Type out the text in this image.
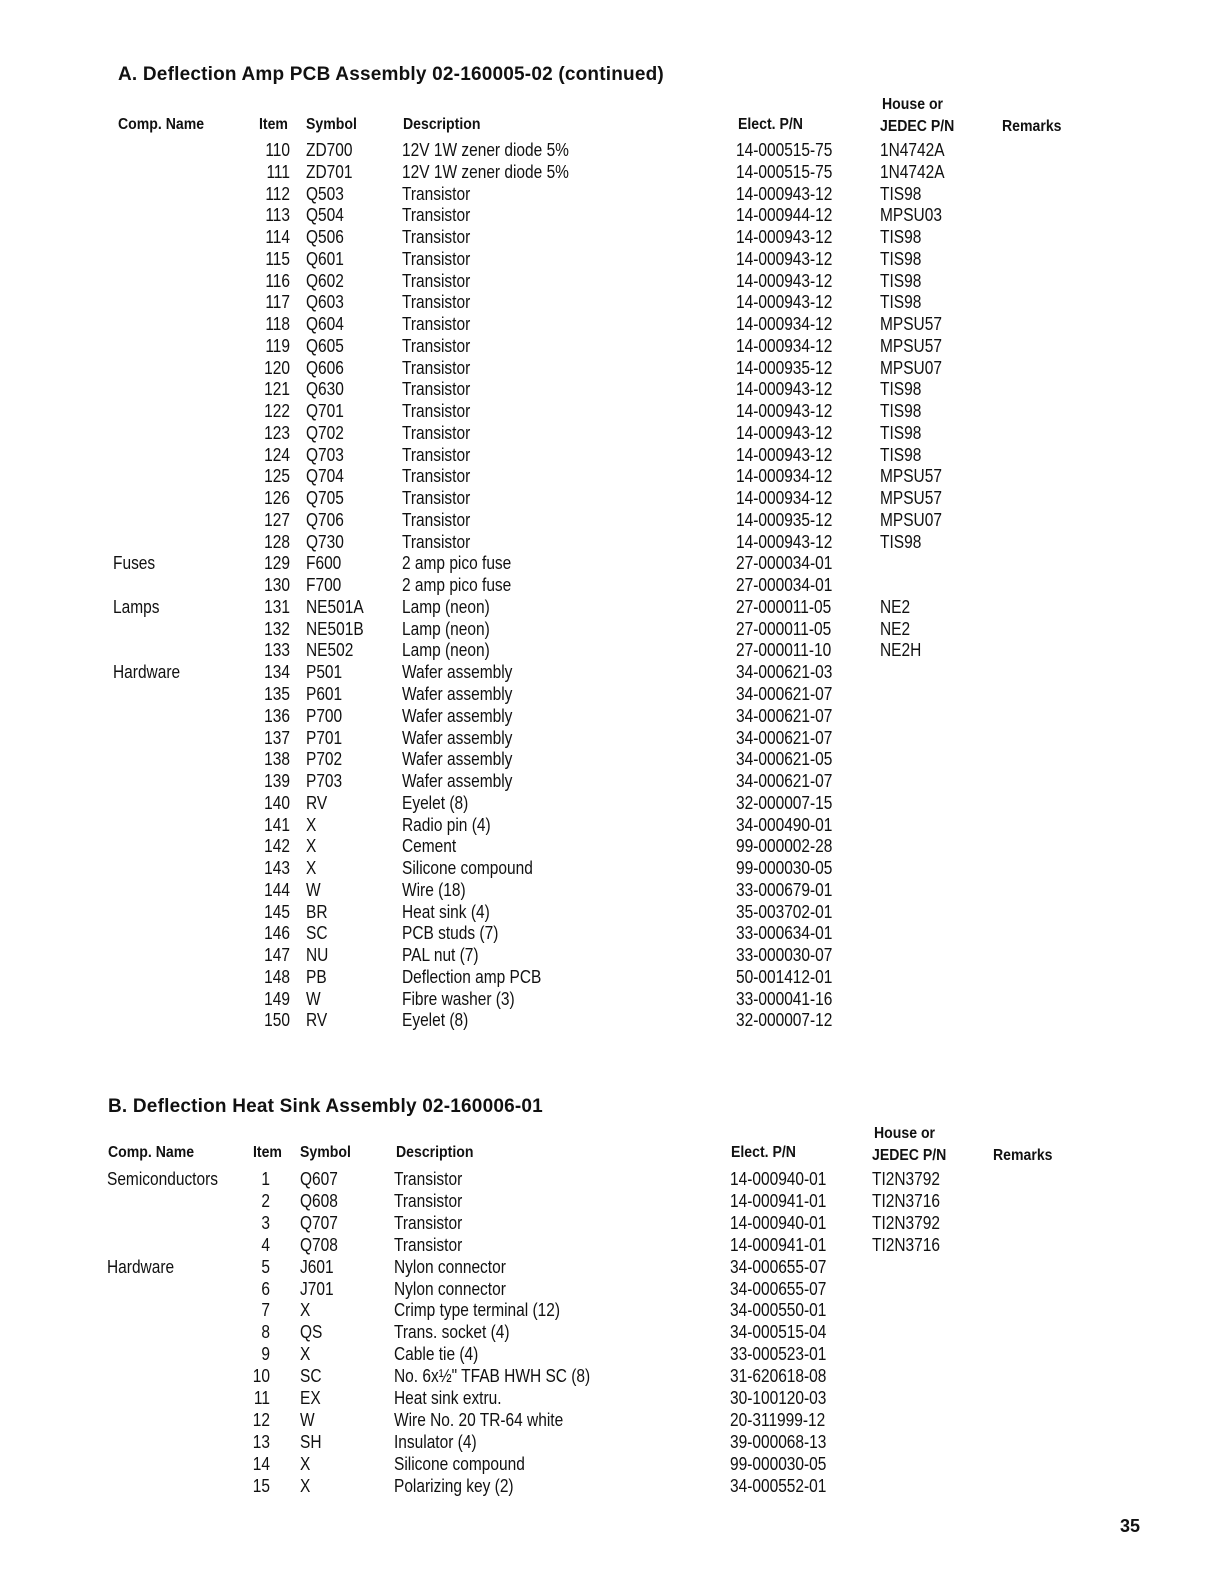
A. Deflection Amp PCB Assembly 02-160005-02 (continued)
Comp. Name	Item Symbol	Description	Elect. P/N
House or
JEDEC P/N	Remarks
110 ZD700	12V 1W zener diode 5%	14-000515-75	1N4742A
111 ZD701	12V 1W zener diode 5%	14-000515-75	1N4742A
112 Q503	Transistor	14-000943-12	TIS98
113 Q504	Transistor	14-000944-12	MPSU03
114 Q506	Transistor	14-000943-12	TIS98
115 Q601	Transistor	14-000943-12	TIS98
116 Q602	Transistor	14-000943-12	TIS98
117 Q603	Transistor	14-000943-12	TIS98
118 Q604	Transistor	14-000934-12	MPSU57
119 Q605	Transistor	14-000934-12	MPSU57
120 Q606	Transistor	14-000935-12	MPSU07
121 Q630	Transistor	14-000943-12	TIS98
122 Q701	Transistor	14-000943-12	TIS98
123 Q702	Transistor	14-000943-12	TIS98
124 Q703	Transistor	14-000943-12	TIS98
125 Q704	Transistor	14-000934-12	MPSU57
126 Q705	Transistor	14-000934-12	MPSU57
127 Q706	Transistor	14-000935-12	MPSU07
128 Q730	Transistor	14-000943-12	TIS98
Fuses	129 F600	2 amp pico fuse	27-000034-01
130 F700	2 amp pico fuse	27-000034-01
Lamps	131 NE501A Lamp (neon)	27-000011-05	NE2
132 NE501B Lamp (neon)	27-000011-05	NE2
133 NE502	Lamp (neon)	27-000011-10	NE2H
Hardware	134 P501	Wafer assembly	34-000621-03
135 P601	Wafer assembly	34-000621-07
136 P700	Wafer assembly	34-000621-07
137 P701	Wafer assembly	34-000621-07
138 P702	Wafer assembly	34-000621-05
139 P703	Wafer assembly	34-000621-07
140 RV	Eyelet (8)	32-000007-15
141 X	Radio pin (4)	34-000490-01
142 X	Cement	99-000002-28
143 X	Silicone compound	99-000030-05
144 W	Wire (18)	33-000679-01
145 BR	Heat sink (4)	35-003702-01
146 SC	PCB studs (7)	33-000634-01
147 NU	PAL nut (7)	33-000030-07
148 PB	Deflection amp PCB	50-001412-01
149 W	Fibre washer (3)	33-000041-16
150 RV	Eyelet (8)	32-000007-12
B. Deflection Heat Sink Assembly 02-160006-01
Comp. Name	Item Symbol	Description	Elect. P/N
House or
JEDEC P/N	Remarks
Semiconductors 1 Q607	Transistor	14-000940-01	TI2N3792
2 Q608	Transistor	14-000941-01	TI2N3716
3 Q707	Transistor	14-000940-01	TI2N3792
4 Q708	Transistor	14-000941-01	TI2N3716
Hardware	5 J601	Nylon connector	34-000655-07
6 J701	Nylon connector	34-000655-07
7 X	Crimp type terminal (12)	34-000550-01
8 QS	Trans. socket (4)	34-000515-04
9 X	Cable tie (4)	33-000523-01
10 SC	No. 6x½" TFAB HWH SC (8)	31-620618-08
11 EX	Heat sink extru.	30-100120-03
12 W	Wire No. 20 TR-64 white	20-311999-12
13 SH	Insulator (4)	39-000068-13
14 X	Silicone compound	99-000030-05
15 X	Polarizing key (2)	34-000552-01
35
